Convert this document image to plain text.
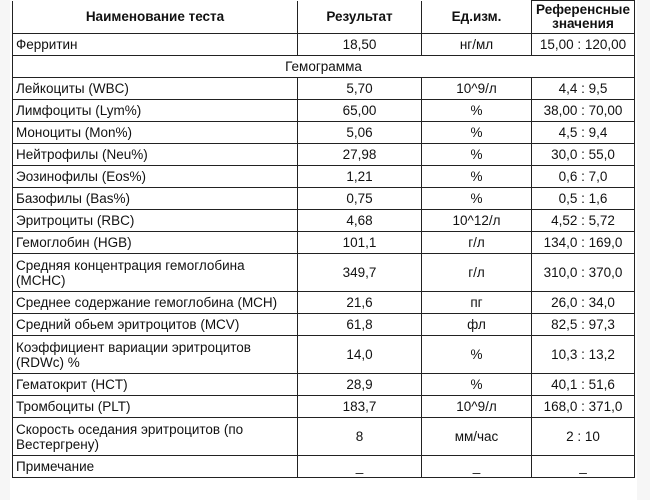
Наименование теста	Результат	Ед.изм.	Референсные значения
Ферритин	18,50	нг/мл	15,00 : 120,00
Гемограмма			
Лейкоциты (WBC)	5,70	10^9/л	4,4 : 9,5
Лимфоциты (Lym%)	65,00	%	38,00 : 70,00
Моноциты (Mon%)	5,06	%	4,5 : 9,4
Нейтрофилы (Neu%)	27,98	%	30,0 : 55,0
Эозинофилы (Eos%)	1,21	%	0,6 : 7,0
Базофилы (Bas%)	0,75	%	0,5 : 1,6
Эритроциты (RBC)	4,68	10^12/л	4,52 : 5,72
Гемоглобин (HGB)	101,1	г/л	134,0 : 169,0
Средняя концентрация гемоглобина (MCHC)	349,7	г/л	310,0 : 370,0
Среднее содержание гемоглобина (MCH)	21,6	пг	26,0 : 34,0
Средний обьем эритроцитов (MCV)	61,8	фл	82,5 : 97,3
Коэффициент вариации эритроцитов (RDWc) %	14,0	%	10,3 : 13,2
Гематокрит (HCT)	28,9	%	40,1 : 51,6
Тромбоциты (PLT)	183,7	10^9/л	168,0 : 371,0
Скорость оседания эритроцитов (по Вестергрену)	8	мм/час	2 : 10
Примечание	_	_	_
